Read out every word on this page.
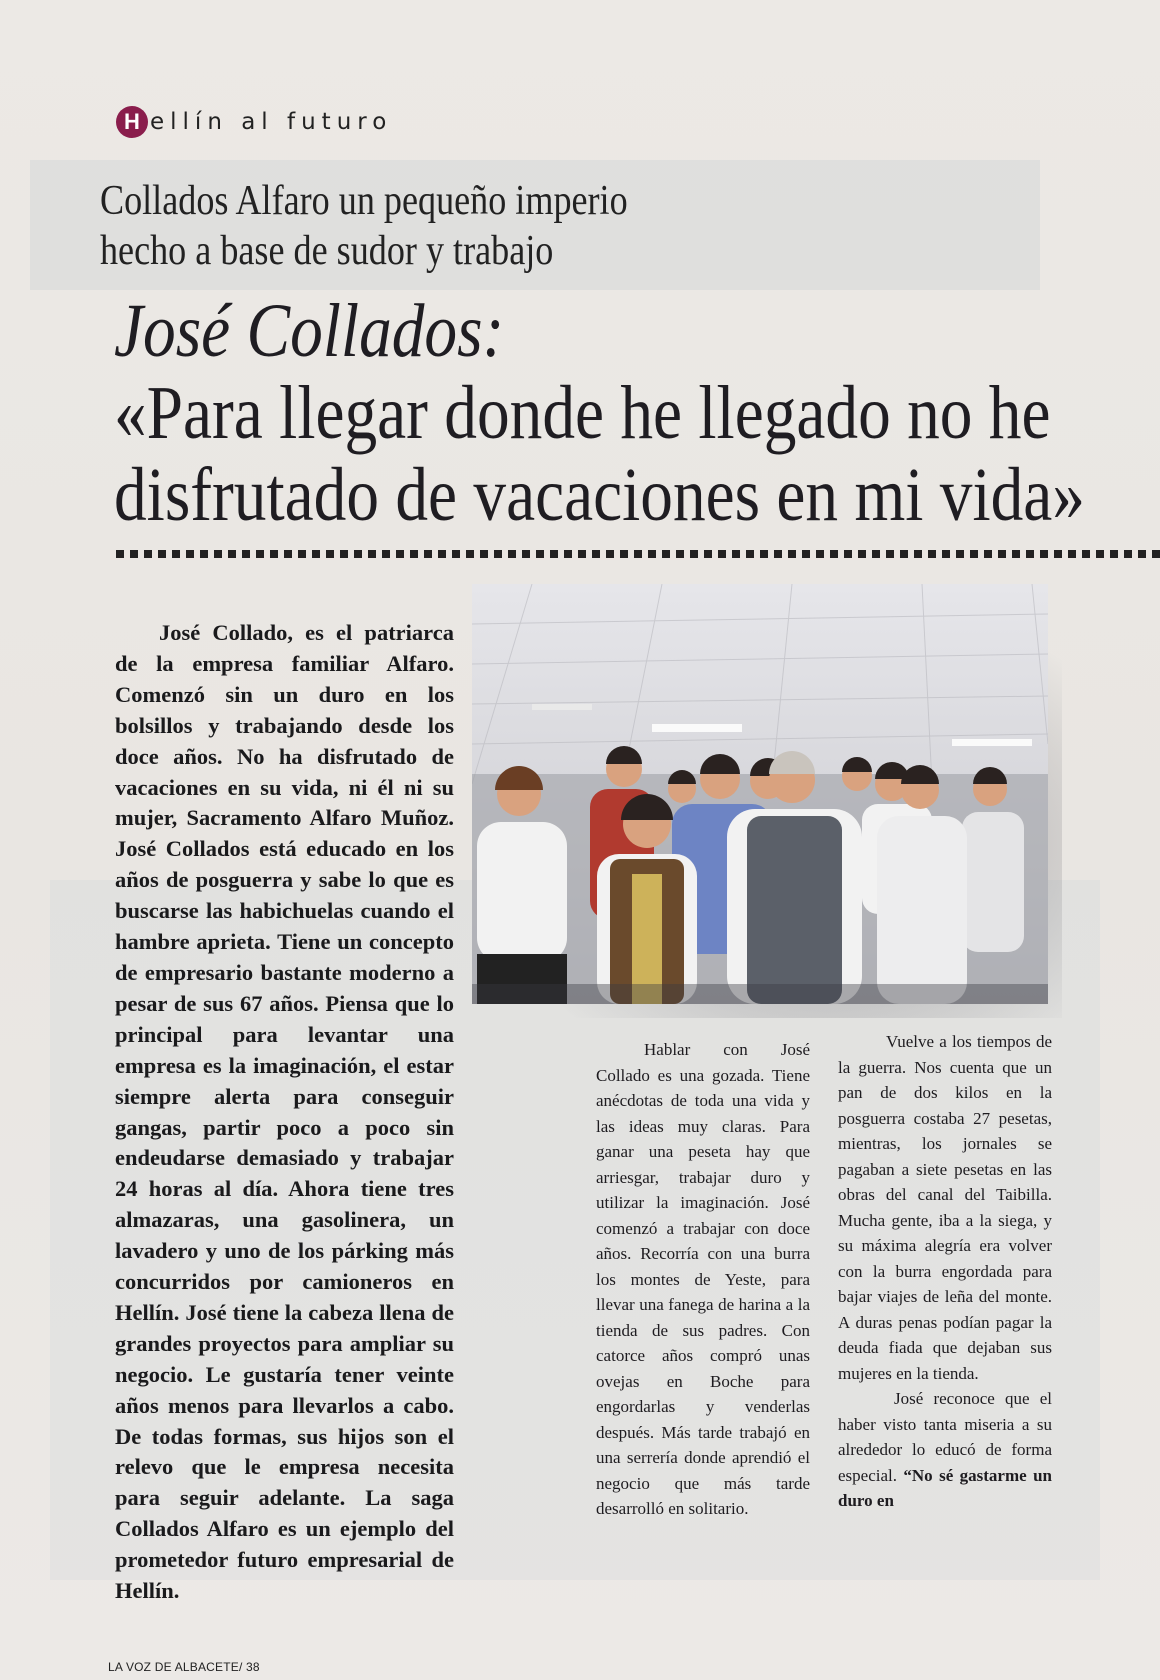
H ellín al futuro
Collados Alfaro un pequeño imperio
hecho a base de sudor y trabajo
José Collados:
«Para llegar donde he llegado no he
disfrutado de vacaciones en mi vida»

José Collado, es el patriarca de la empresa familiar Alfaro. Comenzó sin un duro en los bolsillos y trabajando desde los doce años. No ha disfrutado de vacaciones en su vida, ni él ni su mujer, Sacramento Alfaro Muñoz. José Collados está educado en los años de posguerra y sabe lo que es buscarse las habichuelas cuando el hambre aprieta. Tiene un concepto de empresario bastante moderno a pesar de sus 67 años. Piensa que lo principal para levantar una empresa es la imaginación, el estar siempre alerta para conseguir gangas, partir poco a poco sin endeudarse demasiado y trabajar 24 horas al día. Ahora tiene tres almazaras, una gasolinera, un lavadero y uno de los párking más concurridos por camioneros en Hellín. José tiene la cabeza llena de grandes proyectos para ampliar su negocio. Le gustaría tener veinte años menos para llevarlos a cabo. De todas formas, sus hijos son el relevo que le empresa necesita para seguir adelante. La saga Collados Alfaro es un ejemplo del prometedor futuro empresarial de Hellín.

Hablar con José Collado es una gozada. Tiene anécdotas de toda una vida y las ideas muy claras. Para ganar una peseta hay que arriesgar, trabajar duro y utilizar la imaginación. José comenzó a trabajar con doce años. Recorría con una burra los montes de Yeste, para llevar una fanega de harina a la tienda de sus padres. Con catorce años compró unas ovejas en Boche para engordarlas y venderlas después. Más tarde trabajó en una serrería donde aprendió el negocio que más tarde desarrolló en solitario.

Vuelve a los tiempos de la guerra. Nos cuenta que un pan de dos kilos en la posguerra costaba 27 pesetas, mientras, los jornales se pagaban a siete pesetas en las obras del canal del Taibilla. Mucha gente, iba a la siega, y su máxima alegría era volver con la burra engordada para bajar viajes de leña del monte. A duras penas podían pagar la deuda fiada que dejaban sus mujeres en la tienda.

José reconoce que el haber visto tanta miseria a su alrededor lo educó de forma especial. “No sé gastarme un duro en

LA VOZ DE ALBACETE/ 38
